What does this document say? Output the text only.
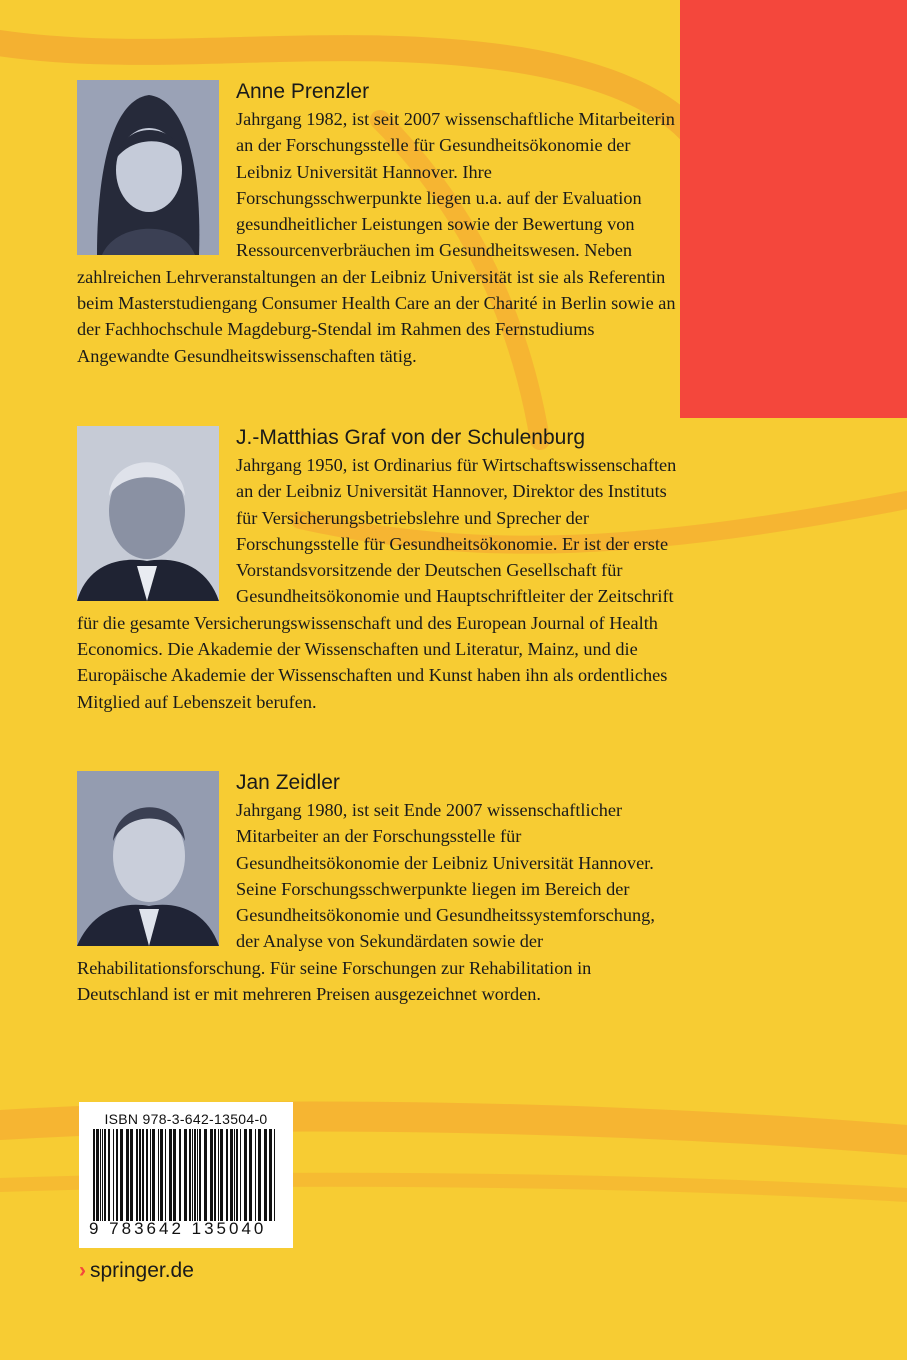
Anne Prenzler

Jahrgang 1982, ist seit 2007 wissenschaftliche Mitarbeiterin an der Forschungsstelle für Gesundheitsökonomie der Leibniz Universität Hannover. Ihre Forschungsschwerpunkte liegen u.a. auf der Evaluation gesundheitlicher Leistungen sowie der Bewertung von Ressourcenverbräuchen im Gesundheitswesen. Neben zahlreichen Lehrveranstaltungen an der Leibniz Universität ist sie als Referentin beim Masterstudiengang Consumer Health Care an der Charité in Berlin sowie an der Fachhochschule Magdeburg-Stendal im Rahmen des Fernstudiums Angewandte Gesundheitswissenschaften tätig.

J.-Matthias Graf von der Schulenburg

Jahrgang 1950, ist Ordinarius für Wirtschaftswissenschaften an der Leibniz Universität Hannover, Direktor des Instituts für Versicherungsbetriebslehre und Sprecher der Forschungsstelle für Gesundheitsökonomie. Er ist der erste Vorstandsvorsitzende der Deutschen Gesellschaft für Gesundheitsökonomie und Hauptschriftleiter der Zeitschrift für die gesamte Versicherungswissenschaft und des European Journal of Health Economics. Die Akademie der Wissenschaften und Literatur, Mainz, und die Europäische Akademie der Wissenschaften und Kunst haben ihn als ordentliches Mitglied auf Lebenszeit berufen.

Jan Zeidler

Jahrgang 1980, ist seit Ende 2007 wissenschaftlicher Mitarbeiter an der Forschungsstelle für Gesundheitsökonomie der Leibniz Universität Hannover. Seine Forschungsschwerpunkte liegen im Bereich der Gesundheitsökonomie und Gesundheitssystemforschung, der Analyse von Sekundärdaten sowie der Rehabilitationsforschung. Für seine Forschungen zur Rehabilitation in Deutschland ist er mit mehreren Preisen ausgezeichnet worden.

ISBN 978-3-642-13504-0
9 783642 135040
› springer.de
